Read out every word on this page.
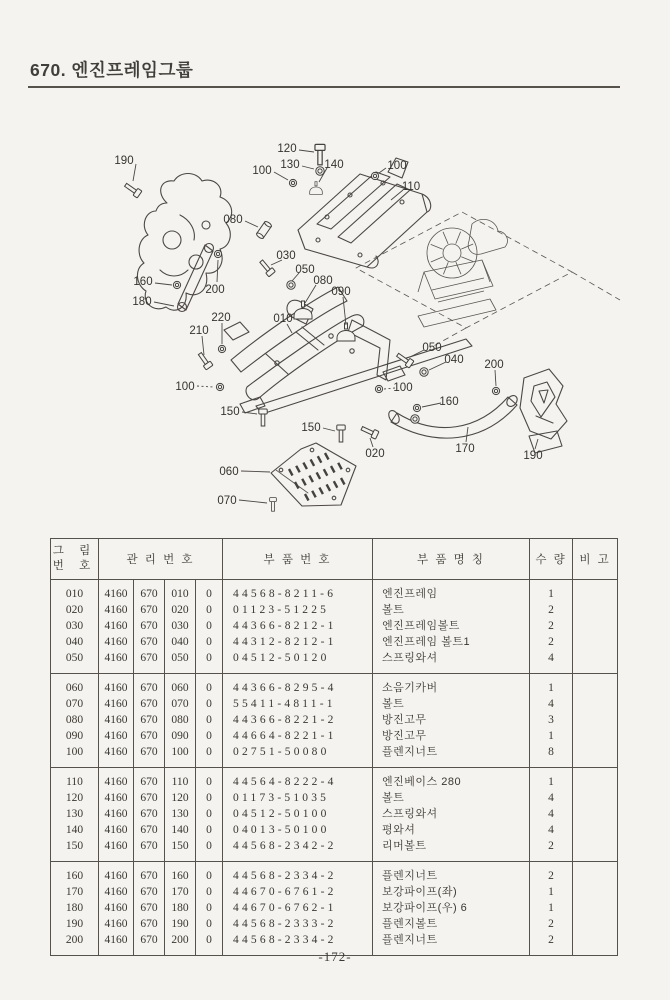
670. 엔진프레임그룹
190
120
130 140
100	100
110
080
030
050
080
090
160
200
180
220
210
010
100
150
150
020
060
070
050
040
100
160
200
170
190
그 림
번 호	관 리 번 호				부 품 번 호	부 품 명 칭	수 량	비 고
010	4160	670	010	0	44568-8211-6	엔진프레임	1	
020	4160	670	020	0	01123-51225	볼트	2	
030	4160	670	030	0	44366-8212-1	엔진프레임볼트	2	
040	4160	670	040	0	44312-8212-1	엔진프레임 볼트1	2	
050	4160	670	050	0	04512-50120	스프링와셔	4	
060	4160	670	060	0	44366-8295-4	소음기카버	1	
070	4160	670	070	0	55411-4811-1	볼트	4	
080	4160	670	080	0	44366-8221-2	방진고무	3	
090	4160	670	090	0	44664-8221-1	방진고무	1	
100	4160	670	100	0	02751-50080	플렌지너트	8	
110	4160	670	110	0	44564-8222-4	엔진베이스 280	1	
120	4160	670	120	0	01173-51035	볼트	4	
130	4160	670	130	0	04512-50100	스프링와셔	4	
140	4160	670	140	0	04013-50100	평와셔	4	
150	4160	670	150	0	44568-2342-2	리머볼트	2	
160	4160	670	160	0	44568-2334-2	플렌지너트	2	
170	4160	670	170	0	44670-6761-2	보강파이프(좌)	1	
180	4160	670	180	0	44670-6762-1	보강파이프(우) 6	1	
190	4160	670	190	0	44568-2333-2	플렌지볼트	2	
200	4160	670	200	0	44568-2334-2	플렌지너트	2	
-172-
